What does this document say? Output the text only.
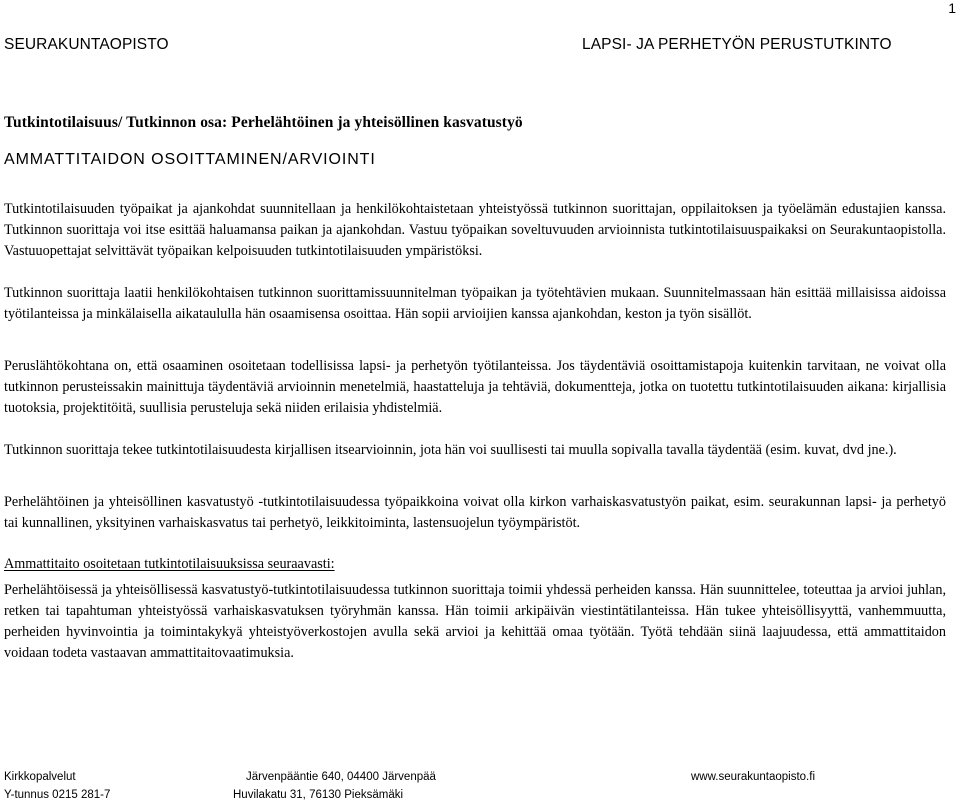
1
SEURAKUNTAOPISTO	LAPSI- JA PERHETYÖN PERUSTUTKINTO
Tutkintotilaisuus/ Tutkinnon osa: Perhelähtöinen ja yhteisöllinen kasvatustyö
AMMATTITAIDON OSOITTAMINEN/ARVIOINTI
Tutkintotilaisuuden työpaikat ja ajankohdat suunnitellaan ja henkilökohtaistetaan yhteistyössä tutkinnon suorittajan, oppilaitoksen ja työelämän edustajien kanssa. Tutkinnon suorittaja voi itse esittää haluamansa paikan ja ajankohdan. Vastuu työpaikan soveltuvuuden arvioinnista tutkintotilaisuuspaikaksi on Seurakuntaopistolla. Vastuuopettajat selvittävät työpaikan kelpoisuuden tutkintotilaisuuden ympäristöksi.
Tutkinnon suorittaja laatii henkilökohtaisen tutkinnon suorittamissuunnitelman työpaikan ja työtehtävien mukaan. Suunnitelmassaan hän esittää millaisissa aidoissa työtilanteissa ja minkälaisella aikataululla hän osaamisensa osoittaa. Hän sopii arvioijien kanssa ajankohdan, keston ja työn sisällöt.
Peruslähtökohtana on, että osaaminen osoitetaan todellisissa lapsi- ja perhetyön työtilanteissa. Jos täydentäviä osoittamistapoja kuitenkin tarvitaan, ne voivat olla tutkinnon perusteissakin mainittuja täydentäviä arvioinnin menetelmiä, haastatteluja ja tehtäviä, dokumentteja, jotka on tuotettu tutkintotilaisuuden aikana: kirjallisia tuotoksia, projektitöitä, suullisia perusteluja sekä niiden erilaisia yhdistelmiä.
Tutkinnon suorittaja tekee tutkintotilaisuudesta kirjallisen itsearvioinnin, jota hän voi suullisesti tai muulla sopivalla tavalla täydentää (esim. kuvat, dvd jne.).
Perhelähtöinen ja yhteisöllinen kasvatustyö -tutkintotilaisuudessa työpaikkoina voivat olla kirkon varhaiskasvatustyön paikat, esim. seurakunnan lapsi- ja perhetyö tai kunnallinen, yksityinen varhaiskasvatus tai perhetyö, leikkitoiminta, lastensuojelun työympäristöt.
Ammattitaito osoitetaan tutkintotilaisuuksissa seuraavasti:
Perhelähtöisessä ja yhteisöllisessä kasvatustyö-tutkintotilaisuudessa tutkinnon suorittaja toimii yhdessä perheiden kanssa. Hän suunnittelee, toteuttaa ja arvioi juhlan, retken tai tapahtuman yhteistyössä varhaiskasvatuksen työryhmän kanssa. Hän toimii arkipäivän viestintätilanteissa. Hän tukee yhteisöllisyyttä, vanhemmuutta, perheiden hyvinvointia ja toimintakykyä yhteistyöverkostojen avulla sekä arvioi ja kehittää omaa työtään. Työtä tehdään siinä laajuudessa, että ammattitaidon voidaan todeta vastaavan ammattitaitovaatimuksia.
Kirkkopalvelut	Järvenpääntie 640, 04400 Järvenpää	www.seurakuntaopisto.fi
Y-tunnus 0215 281-7	Huvilakatu 31, 76130 Pieksämäki
